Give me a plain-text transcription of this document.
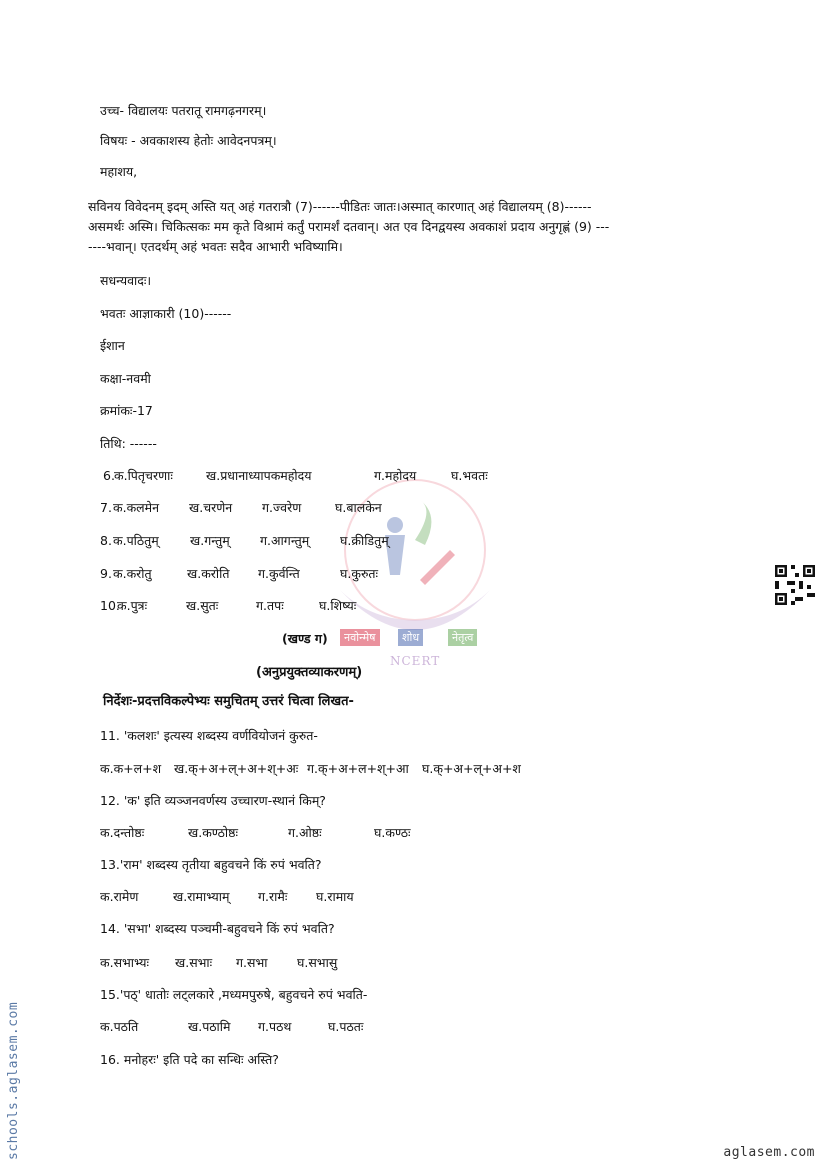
नवोन्मेष	शोध	नेतृत्व
NCERT
उच्च- विद्यालयः पतरातू रामगढ़नगरम्।
विषयः - अवकाशस्य हेतोः आवेदनपत्रम्।
महाशय,
सविनय विवेदनम् इदम् अस्ति यत् अहं गतरात्रौ (7)------पीडितः जातः।अस्मात् कारणात् अहं विद्यालयम् (8)------
असमर्थः अस्मि। चिकित्सकः मम कृते विश्रामं कर्तुं परामर्शं दतवान्। अत एव दिनद्वयस्य अवकाशं प्रदाय अनुगृह्णं (9) ---
----भवान्। एतदर्थम् अहं भवतः सदैव आभारी भविष्यामि।
सधन्यवादः।
भवतः आज्ञाकारी (10)------
ईशान
कक्षा-नवमी
क्रमांकः-17
तिथि: ------
6. क.पितृचरणाः	ख.प्रधानाध्यापकमहोदय	ग.महोदय	घ.भवतः
7. क.कलमेन ख.चरणेन ग.ज्वरेण	घ.बालकेन
8. क.पठितुम् ख.गन्तुम् ग.आगन्तुम् घ.क्रीडितुम्
9. क.करोतु	ख.करोति ग.कुर्वन्ति	घ.कुरुतः
10.
क.पुत्रः	ख.सुतः	ग.तपः	घ.शिष्यः
(खण्ड ग)
(अनुप्रयुक्तव्याकरणम्)
निर्देशः-प्रदत्तविकल्पेभ्यः समुचितम् उत्तरं चित्वा लिखत-
11. 'कलशः' इत्यस्य शब्दस्य वर्णवियोजनं कुरुत-
क.क+ल+श ख.क्+अ+ल्+अ+श्+अः ग.क्+अ+ल+श्+आ घ.क्+अ+ल्+अ+श
12. 'क' इति व्यञ्जनवर्णस्य उच्चारण-स्थानं किम्?
क.दन्तोष्ठः	ख.कण्ठोष्ठः	ग.ओष्ठः	घ.कण्ठः
13.'राम' शब्दस्य तृतीया बहुवचने किं रुपं भवति?
क.रामेण	ख.रामाभ्याम् ग.रामैः घ.रामाय
14. 'सभा' शब्दस्य पञ्चमी-बहुवचने किं रुपं भवति?
क.सभाभ्यः ख.सभाः ग.सभा घ.सभासु
15.'पठ्' धातोः लट्लकारे ,मध्यमपुरुषे, बहुवचने रुपं भवति-
क.पठति	ख.पठामि ग.पठथ	घ.पठतः
16. मनोहरः' इति पदे का सन्धिः अस्ति?
schools.aglasem.com	aglasem.com
